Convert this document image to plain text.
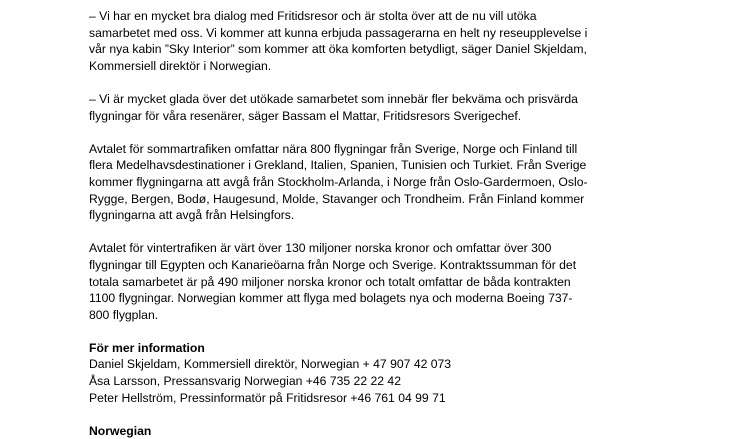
– Vi har en mycket bra dialog med Fritidsresor och är stolta över att de nu vill utöka
samarbetet med oss. Vi kommer att kunna erbjuda passagerarna en helt ny reseupplevelse i
vår nya kabin ”Sky Interior” som kommer att öka komforten betydligt, säger Daniel Skjeldam,
Kommersiell direktör i Norwegian.
– Vi är mycket glada över det utökade samarbetet som innebär fler bekväma och prisvärda
flygningar för våra resenärer, säger Bassam el Mattar, Fritidsresors Sverigechef.
Avtalet för sommartrafiken omfattar nära 800 flygningar från Sverige, Norge och Finland till
flera Medelhavsdestinationer i Grekland, Italien, Spanien, Tunisien och Turkiet. Från Sverige
kommer flygningarna att avgå från Stockholm-Arlanda, i Norge från Oslo-Gardermoen, Oslo-
Rygge, Bergen, Bodø, Haugesund, Molde, Stavanger och Trondheim. Från Finland kommer
flygningarna att avgå från Helsingfors.
Avtalet för vintertrafiken är värt över 130 miljoner norska kronor och omfattar över 300
flygningar till Egypten och Kanarieöarna från Norge och Sverige. Kontraktssumman för det
totala samarbetet är på 490 miljoner norska kronor och totalt omfattar de båda kontrakten
1100 flygningar. Norwegian kommer att flyga med bolagets nya och moderna Boeing 737-
800 flygplan.
För mer information
Daniel Skjeldam, Kommersiell direktör, Norwegian + 47 907 42 073
Åsa Larsson, Pressansvarig Norwegian +46 735 22 22 42
Peter Hellström, Pressinformatör på Fritidsresor +46 761 04 99 71
Norwegian
